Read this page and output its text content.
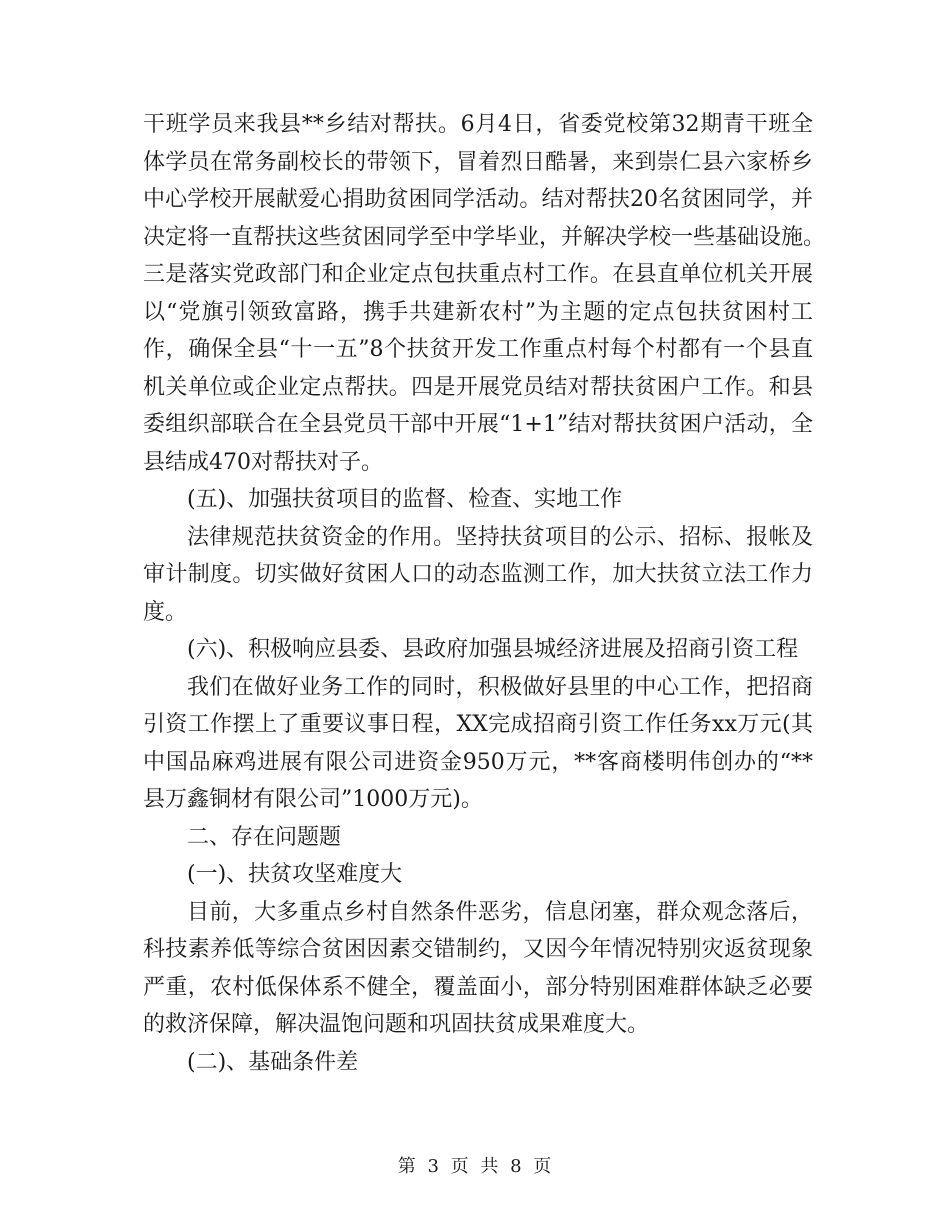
干班学员来我县**乡结对帮扶。6月4日，省委党校第32期青干班全
体学员在常务副校长的带领下，冒着烈日酷暑，来到崇仁县六家桥乡
中心学校开展献爱心捐助贫困同学活动。结对帮扶20名贫困同学，并
决定将一直帮扶这些贫困同学至中学毕业，并解决学校一些基础设施。
三是落实党政部门和企业定点包扶重点村工作。在县直单位机关开展
以“党旗引领致富路，携手共建新农村”为主题的定点包扶贫困村工
作，确保全县“十一五”8个扶贫开发工作重点村每个村都有一个县直
机关单位或企业定点帮扶。四是开展党员结对帮扶贫困户工作。和县
委组织部联合在全县党员干部中开展“1+1”结对帮扶贫困户活动，全
县结成470对帮扶对子。
(五)、加强扶贫项目的监督、检查、实地工作
法律规范扶贫资金的作用。坚持扶贫项目的公示、招标、报帐及
审计制度。切实做好贫困人口的动态监测工作，加大扶贫立法工作力
度。
(六)、积极响应县委、县政府加强县城经济进展及招商引资工程
我们在做好业务工作的同时，积极做好县里的中心工作，把招商
引资工作摆上了重要议事日程，XX完成招商引资工作任务xx万元(其
中国品麻鸡进展有限公司进资金950万元，**客商楼明伟创办的“**
县万鑫铜材有限公司”1000万元)。
二、存在问题题
(一)、扶贫攻坚难度大
目前，大多重点乡村自然条件恶劣，信息闭塞，群众观念落后，
科技素养低等综合贫困因素交错制约，又因今年情况特别灾返贫现象
严重，农村低保体系不健全，覆盖面小，部分特别困难群体缺乏必要
的救济保障，解决温饱问题和巩固扶贫成果难度大。
(二)、基础条件差
第 3 页 共 8 页
